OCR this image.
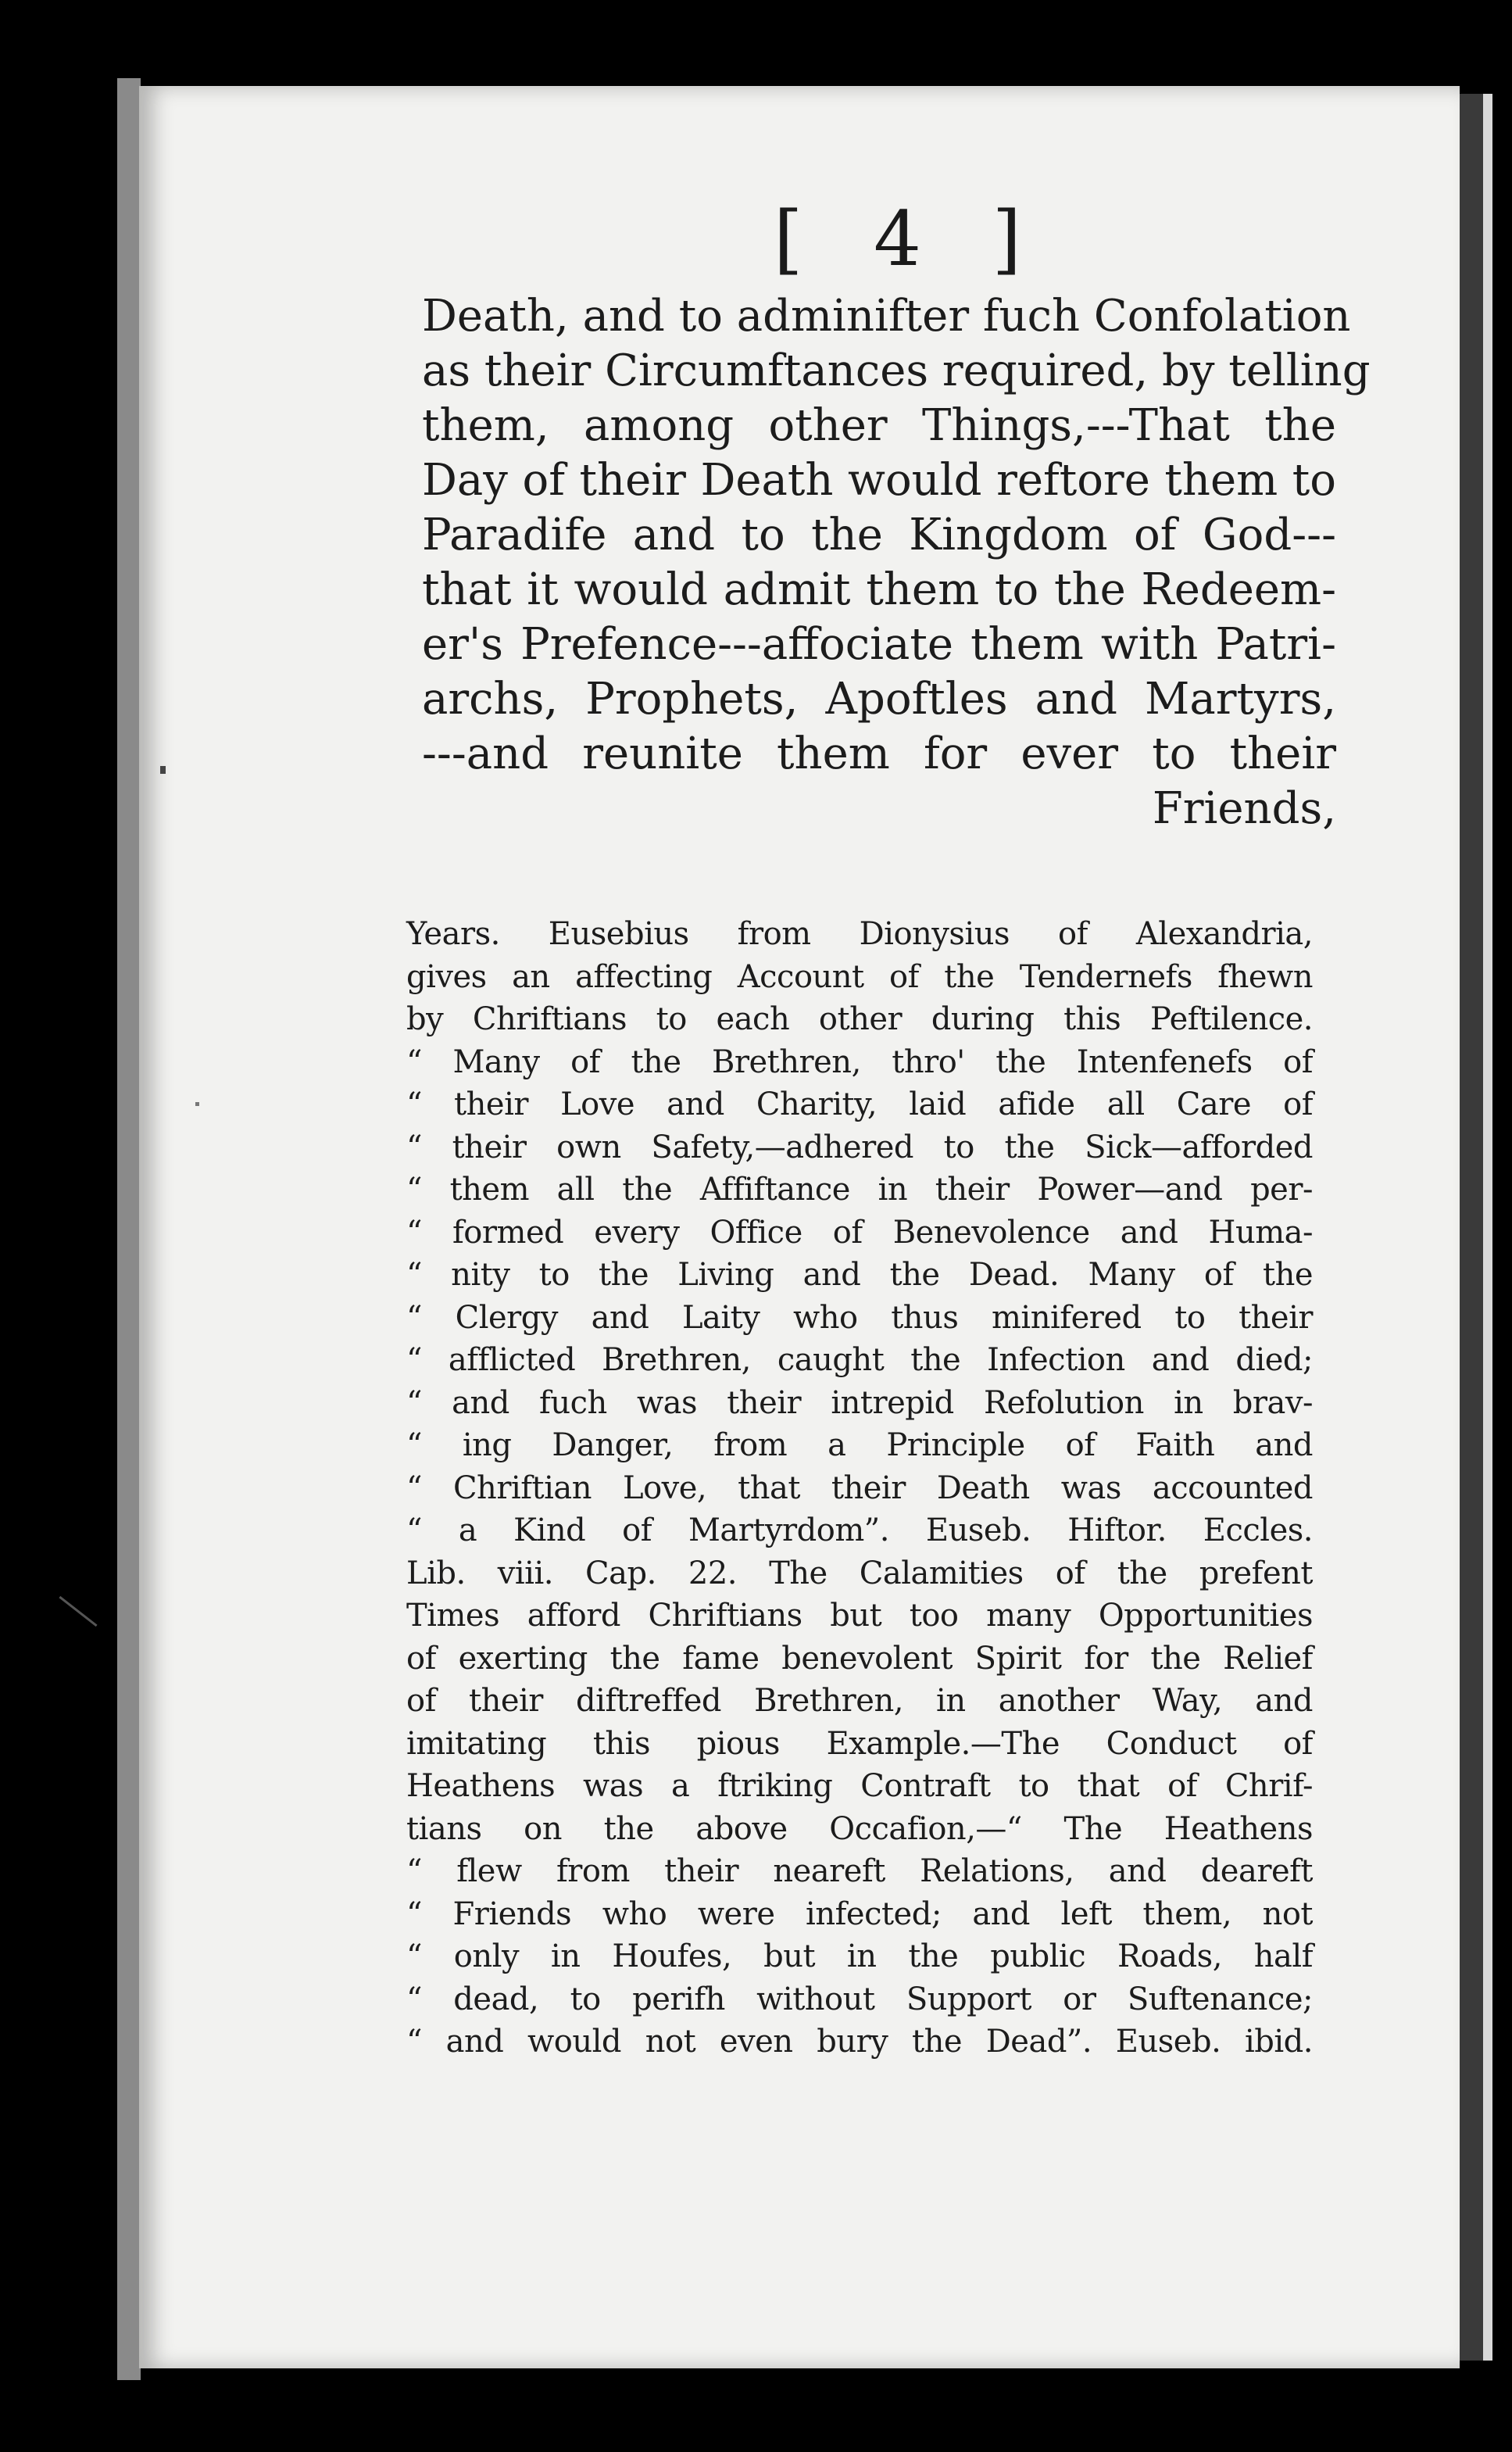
[ 4 ]
Death, and to adminifter fuch Confolation
as their Circumftances required, by telling
them, among other Things,---That the
Day of their Death would reftore them to
Paradife and to the Kingdom of God---
that it would admit them to the Redeem-
er's Prefence---affociate them with Patri-
archs, Prophets, Apoftles and Martyrs,
---and reunite them for ever to their
Friends,
Years. Eusebius from Dionysius of Alexandria,
gives an affecting Account of the Tendernefs fhewn
by Chriftians to each other during this Peftilence.
“ Many of the Brethren, thro' the Intenfenefs of
“ their Love and Charity, laid afide all Care of
“ their own Safety,—adhered to the Sick—afforded
“ them all the Affiftance in their Power—and per-
“ formed every Office of Benevolence and Huma-
“ nity to the Living and the Dead. Many of the
“ Clergy and Laity who thus minifered to their
“ afflicted Brethren, caught the Infection and died;
“ and fuch was their intrepid Refolution in brav-
“ ing Danger, from a Principle of Faith and
“ Chriftian Love, that their Death was accounted
“ a Kind of Martyrdom”. Euseb. Hiftor. Eccles.
Lib. viii. Cap. 22. The Calamities of the prefent
Times afford Chriftians but too many Opportunities
of exerting the fame benevolent Spirit for the Relief
of their diftreffed Brethren, in another Way, and
imitating this pious Example.—The Conduct of
Heathens was a ftriking Contraft to that of Chrif-
tians on the above Occafion,—“ The Heathens
“ flew from their neareft Relations, and deareft
“ Friends who were infected; and left them, not
“ only in Houfes, but in the public Roads, half
“ dead, to perifh without Support or Suftenance;
“ and would not even bury the Dead”. Euseb. ibid.
